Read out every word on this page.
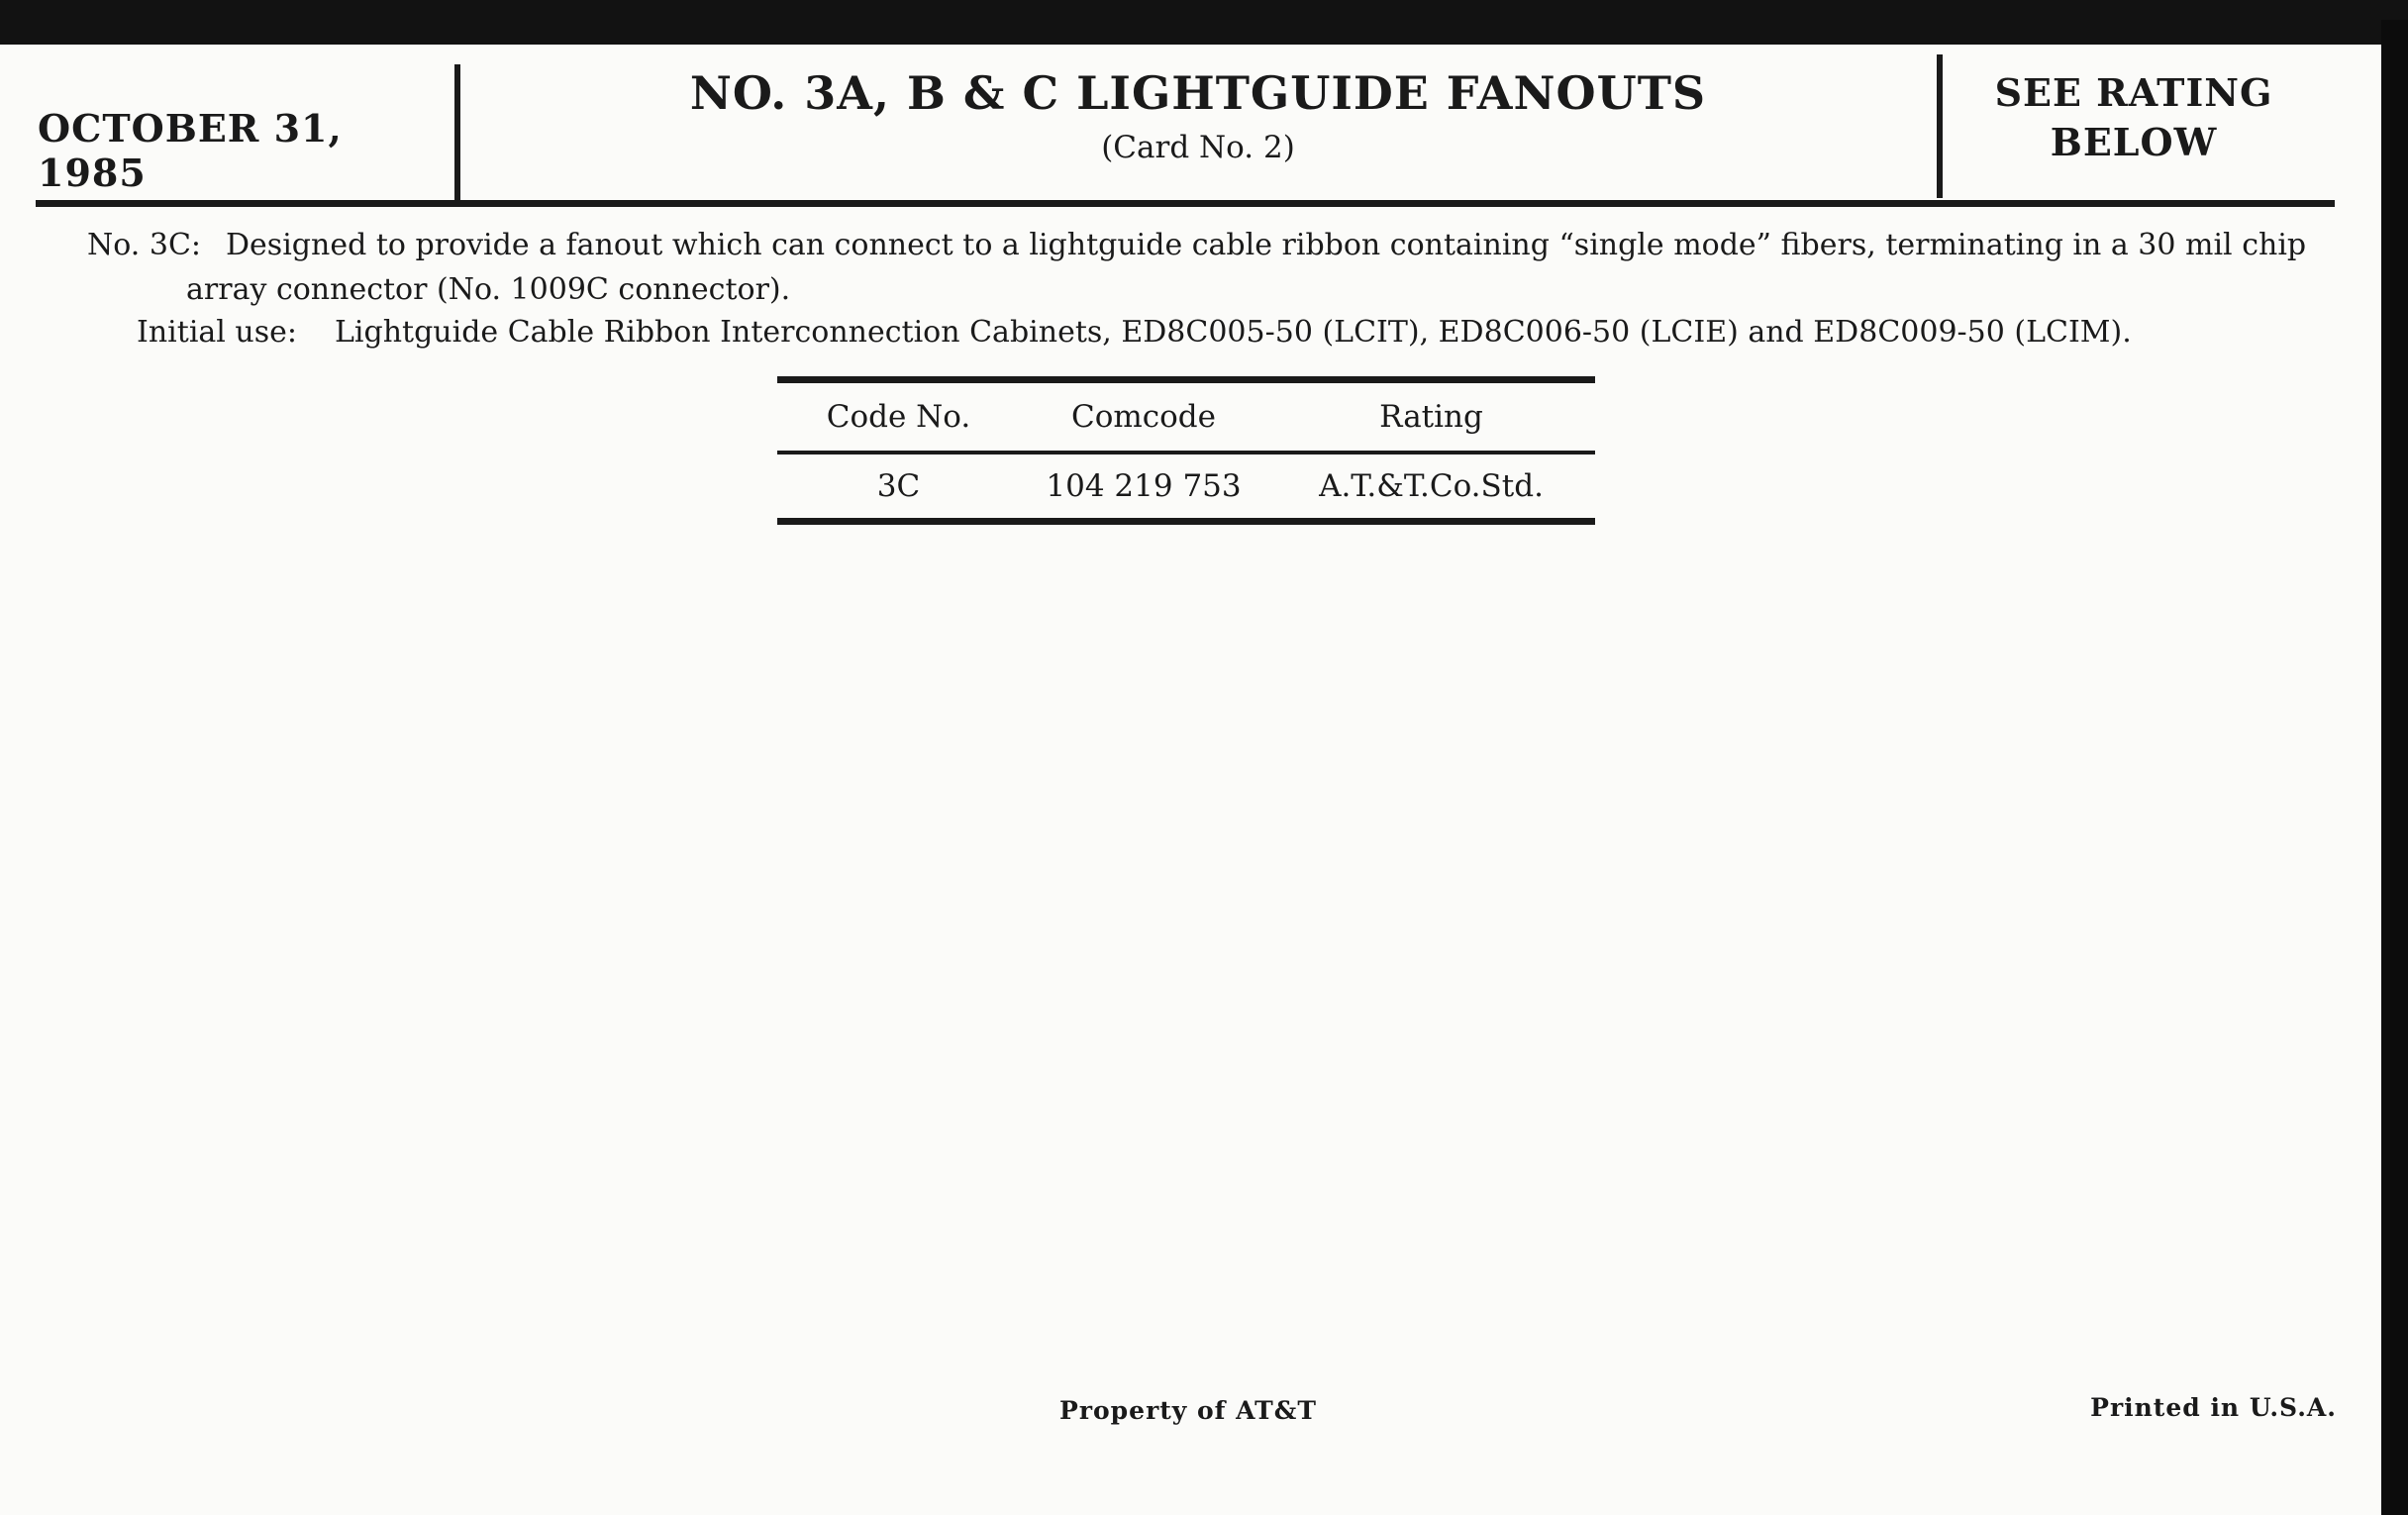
OCTOBER 31, 1985
NO. 3A, B & C LIGHTGUIDE FANOUTS
(Card No. 2)
SEE RATING
BELOW
No. 3C: Designed to provide a fanout which can connect to a lightguide cable ribbon containing “single mode” fibers, terminating in a 30 mil chip
array connector (No. 1009C connector).
Initial use: Lightguide Cable Ribbon Interconnection Cabinets, ED8C005-50 (LCIT), ED8C006-50 (LCIE) and ED8C009-50 (LCIM).
Code No.	Comcode	Rating
3C	104 219 753	A.T.&T.Co.Std.
Property of AT&T	Printed in U.S.A.
